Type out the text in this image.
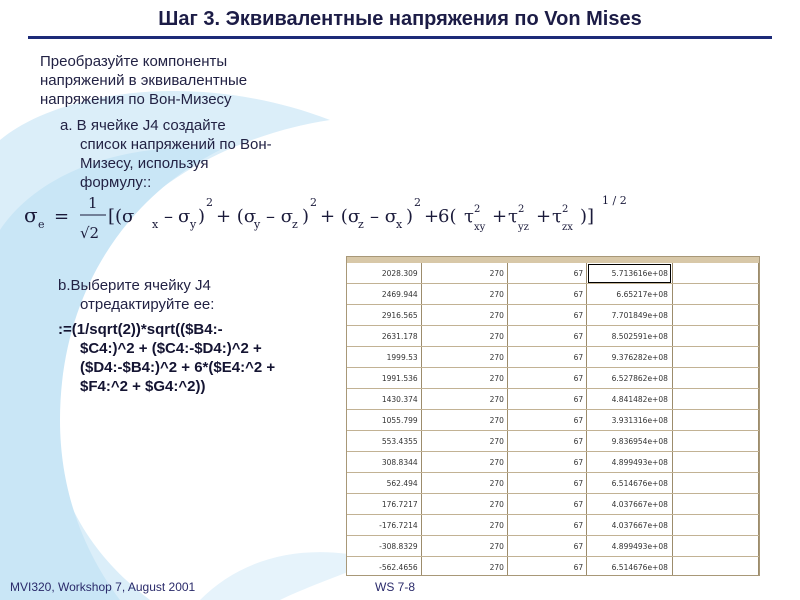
Шаг 3. Эквивалентные напряжения по Von Mises
Преобразуйте компоненты
напряжений в эквивалентные
напряжения по Вон-Мизесу
a. В ячейке J4 создайте
список напряжений по Вон-
Мизесу, используя
формулу::
σ e =
1
√2
[(σ x – σ y )
2
+ (σ
y – σ
z )
2
+ (σ
z – σ
x )
2
+
6( τ 2
xy
+ τ 2
yz
+ τ 2
zx
)]
1 / 2
b.Выберите ячейку J4
отредактируйте ее:
:=(1/sqrt(2))*sqrt(($B4:-
$C4:)^2 + ($C4:-$D4:)^2 +
($D4:-$B4:)^2 + 6*($E4:^2 +
$F4:^2 + $G4:^2))
2028.309	270	67	5.713616e+08	
2469.944	270	67	6.65217e+08	
2916.565	270	67	7.701849e+08	
2631.178	270	67	8.502591e+08	
1999.53	270	67	9.376282e+08	
1991.536	270	67	6.527862e+08	
1430.374	270	67	4.841482e+08	
1055.799	270	67	3.931316e+08	
553.4355	270	67	9.836954e+08	
308.8344	270	67	4.899493e+08	
562.494	270	67	6.514676e+08	
176.7217	270	67	4.037667e+08	
-176.7214	270	67	4.037667e+08	
-308.8329	270	67	4.899493e+08	
-562.4656	270	67	6.514676e+08	

MVI320, Workshop 7, August 2001	WS 7-8
